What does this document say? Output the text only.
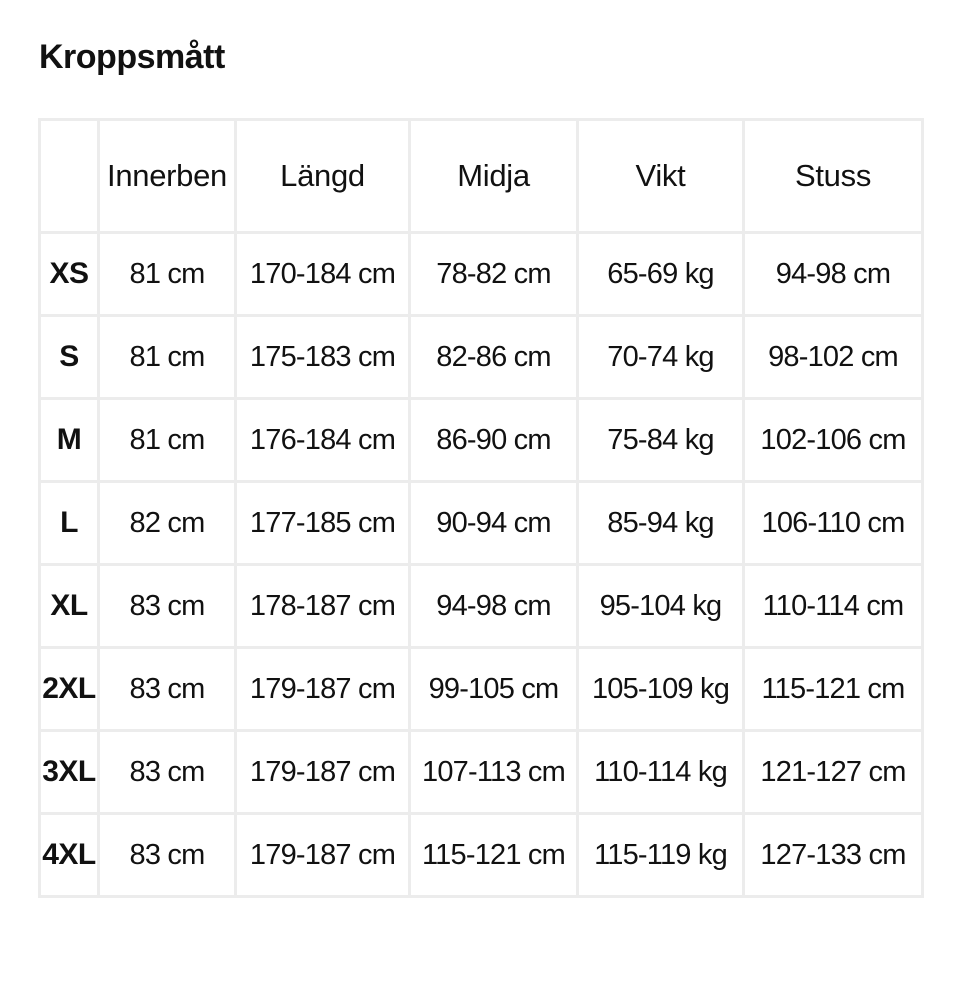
Kroppsmått
	Innerben	Längd	Midja	Vikt	Stuss
XS	81 cm	170-184 cm	78-82 cm	65-69 kg	94-98 cm
S	81 cm	175-183 cm	82-86 cm	70-74 kg	98-102 cm
M	81 cm	176-184 cm	86-90 cm	75-84 kg	102-106 cm
L	82 cm	177-185 cm	90-94 cm	85-94 kg	106-110 cm
XL	83 cm	178-187 cm	94-98 cm	95-104 kg	110-114 cm
2XL	83 cm	179-187 cm	99-105 cm	105-109 kg	115-121 cm
3XL	83 cm	179-187 cm	107-113 cm	110-114 kg	121-127 cm
4XL	83 cm	179-187 cm	115-121 cm	115-119 kg	127-133 cm
